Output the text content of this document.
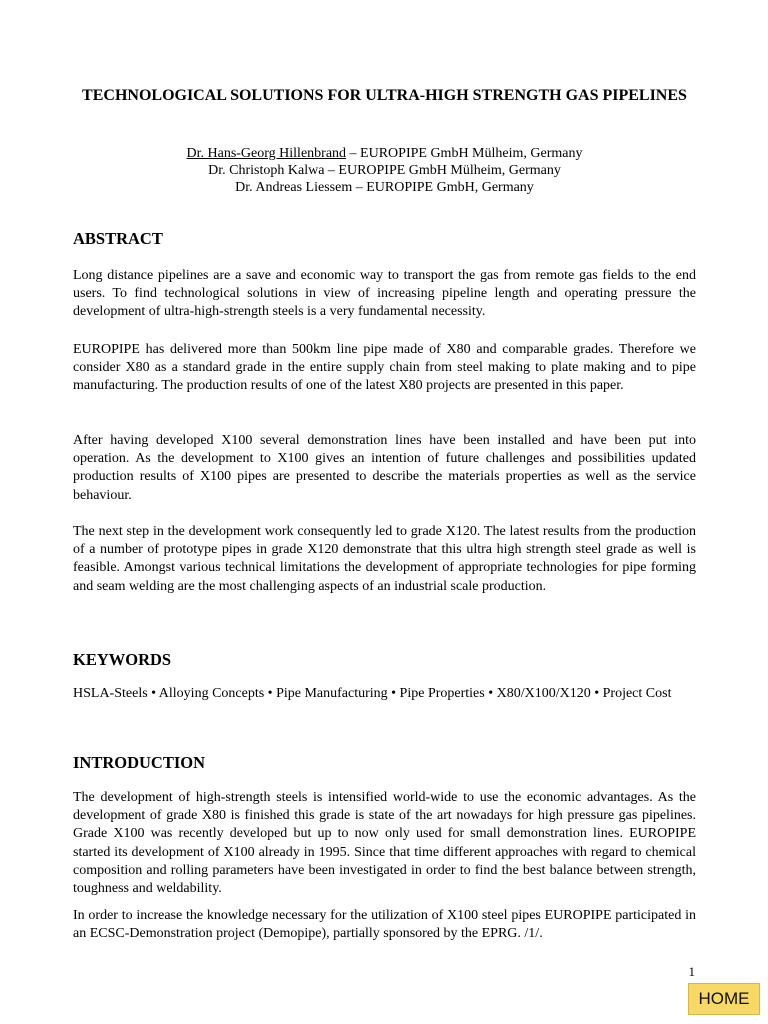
TECHNOLOGICAL SOLUTIONS FOR ULTRA-HIGH STRENGTH GAS PIPELINES
Dr. Hans-Georg Hillenbrand – EUROPIPE GmbH Mülheim, Germany
Dr. Christoph Kalwa – EUROPIPE GmbH Mülheim, Germany
Dr. Andreas Liessem – EUROPIPE GmbH, Germany
ABSTRACT

Long distance pipelines are a save and economic way to transport the gas from remote gas fields to the end users. To find technological solutions in view of increasing pipeline length and operating pressure the development of ultra-high-strength steels is a very fundamental necessity.

EUROPIPE has delivered more than 500km line pipe made of X80 and comparable grades. Therefore we consider X80 as a standard grade in the entire supply chain from steel making to plate making and to pipe manufacturing. The production results of one of the latest X80 projects are presented in this paper.

After having developed X100 several demonstration lines have been installed and have been put into operation. As the development to X100 gives an intention of future challenges and possibilities updated production results of X100 pipes are presented to describe the materials properties as well as the service behaviour.

The next step in the development work consequently led to grade X120. The latest results from the production of a number of prototype pipes in grade X120 demonstrate that this ultra high strength steel grade as well is feasible. Amongst various technical limitations the development of appropriate technologies for pipe forming and seam welding are the most challenging aspects of an industrial scale production.

KEYWORDS

HSLA-Steels • Alloying Concepts • Pipe Manufacturing • Pipe Properties • X80/X100/X120 • Project Cost

INTRODUCTION

The development of high-strength steels is intensified world-wide to use the economic advantages. As the development of grade X80 is finished this grade is state of the art nowadays for high pressure gas pipelines. Grade X100 was recently developed but up to now only used for small demonstration lines. EUROPIPE started its development of X100 already in 1995. Since that time different approaches with regard to chemical composition and rolling parameters have been investigated in order to find the best balance between strength, toughness and weldability.

In order to increase the knowledge necessary for the utilization of X100 steel pipes EUROPIPE participated in an ECSC-Demonstration project (Demopipe), partially sponsored by the EPRG. /1/.

1
HOME
